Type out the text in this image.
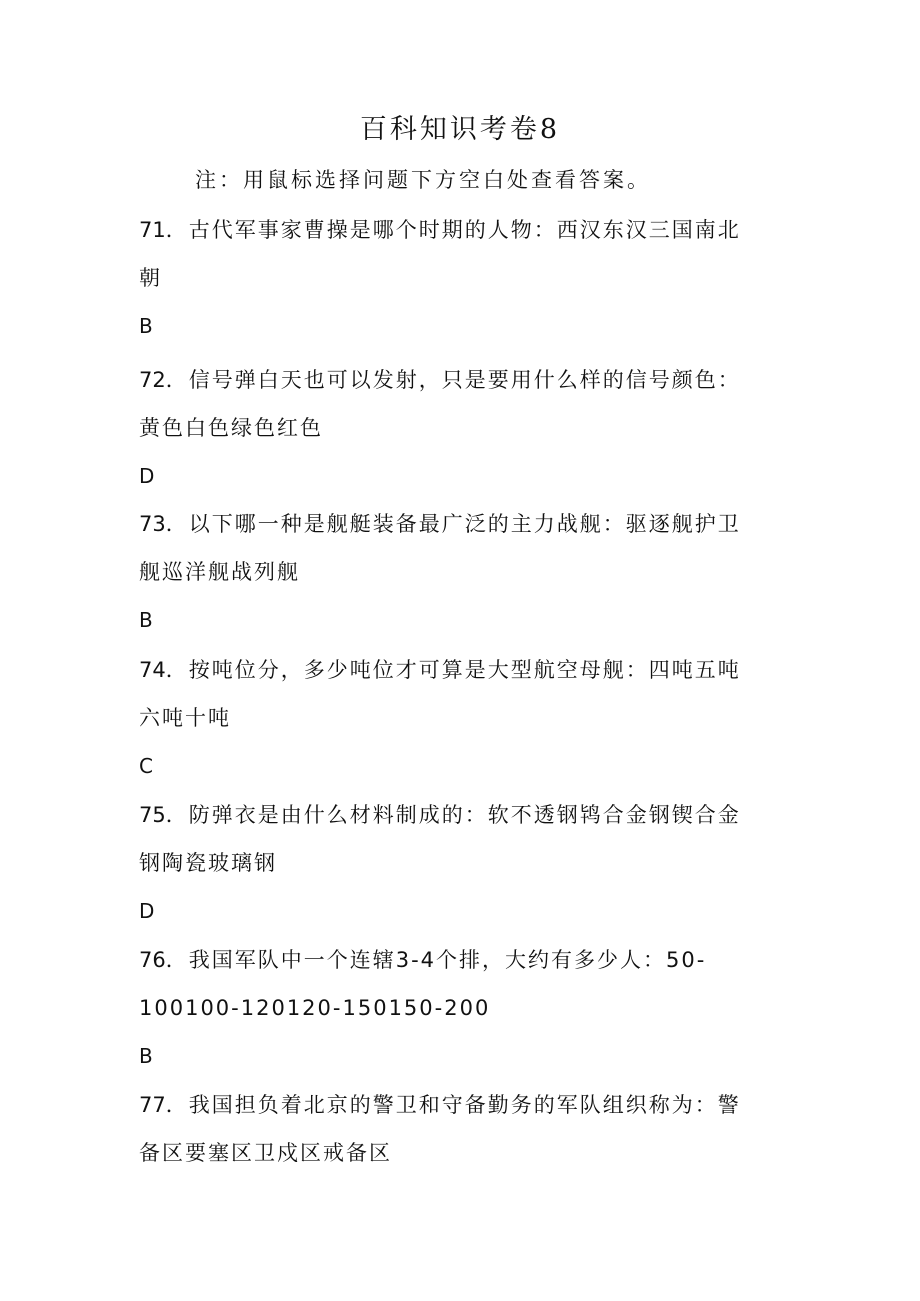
百科知识考卷8
注：用鼠标选择问题下方空白处查看答案。
71．古代军事家曹操是哪个时期的人物：西汉东汉三国南北
朝
B
72．信号弹白天也可以发射，只是要用什么样的信号颜色：
黄色白色绿色红色
D
73．以下哪一种是舰艇装备最广泛的主力战舰：驱逐舰护卫
舰巡洋舰战列舰
B
74．按吨位分，多少吨位才可算是大型航空母舰：四吨五吨
六吨十吨
C
75．防弹衣是由什么材料制成的：软不透钢鸨合金钢锲合金
钢陶瓷玻璃钢
D
76．我国军队中一个连辖3-4个排，大约有多少人：50-
100100-120120-150150-200
B
77．我国担负着北京的警卫和守备勤务的军队组织称为：警
备区要塞区卫戍区戒备区
